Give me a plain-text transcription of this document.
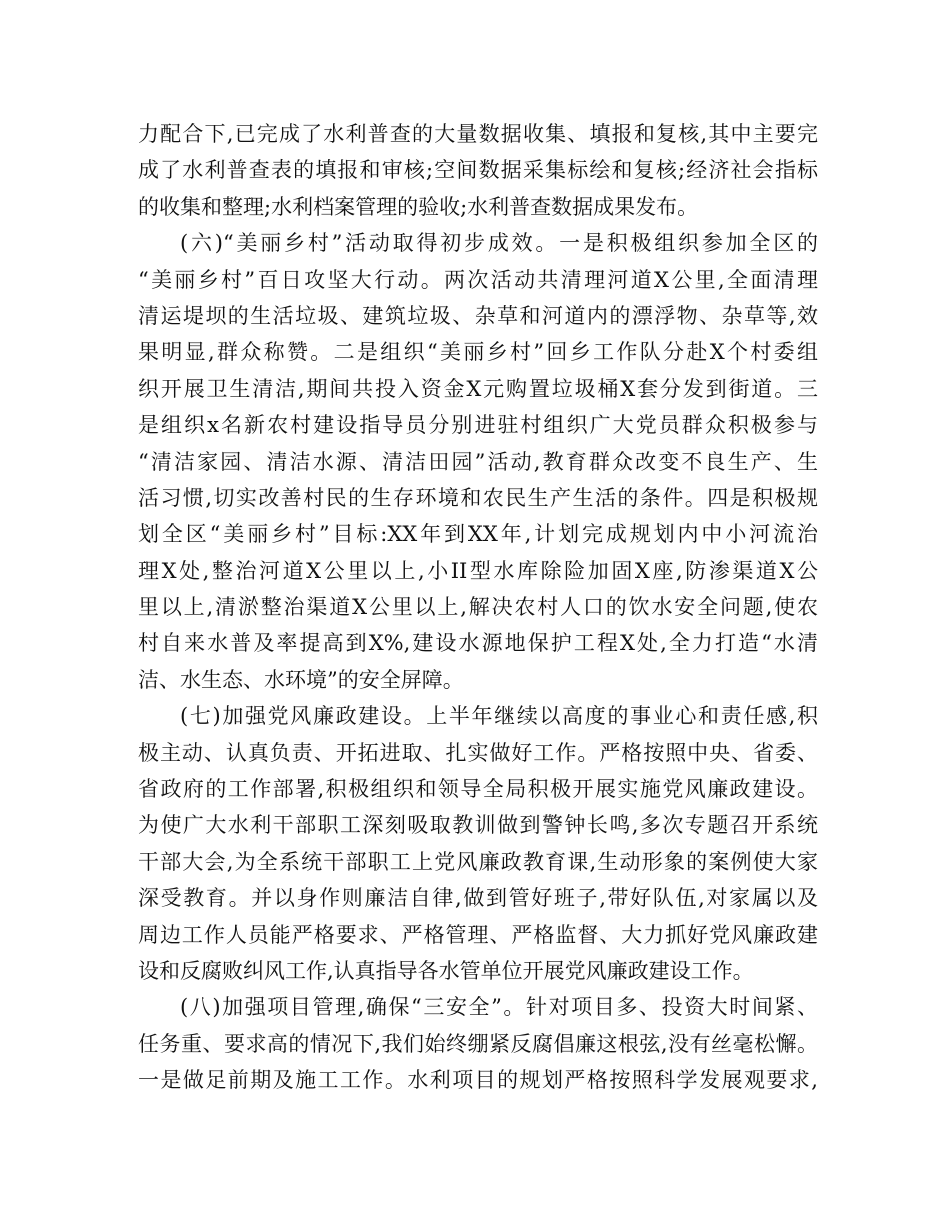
力配合下,已完成了水利普查的大量数据收集、填报和复核,其中主要完
成了水利普查表的填报和审核;空间数据采集标绘和复核;经济社会指标
的收集和整理;水利档案管理的验收;水利普查数据成果发布。
(六)“美丽乡村”活动取得初步成效。一是积极组织参加全区的
“美丽乡村”百日攻坚大行动。两次活动共清理河道X公里,全面清理
清运堤坝的生活垃圾、建筑垃圾、杂草和河道内的漂浮物、杂草等,效
果明显,群众称赞。二是组织“美丽乡村”回乡工作队分赴X个村委组
织开展卫生清洁,期间共投入资金X元购置垃圾桶X套分发到街道。三
是组织x名新农村建设指导员分别进驻村组织广大党员群众积极参与
“清洁家园、清洁水源、清洁田园”活动,教育群众改变不良生产、生
活习惯,切实改善村民的生存环境和农民生产生活的条件。四是积极规
划全区“美丽乡村”目标:XX年到XX年,计划完成规划内中小河流治
理X处,整治河道X公里以上,小II型水库除险加固X座,防渗渠道X公
里以上,清淤整治渠道X公里以上,解决农村人口的饮水安全问题,使农
村自来水普及率提高到X%,建设水源地保护工程X处,全力打造“水清
洁、水生态、水环境”的安全屏障。
(七)加强党风廉政建设。上半年继续以高度的事业心和责任感,积
极主动、认真负责、开拓进取、扎实做好工作。严格按照中央、省委、
省政府的工作部署,积极组织和领导全局积极开展实施党风廉政建设。
为使广大水利干部职工深刻吸取教训做到警钟长鸣,多次专题召开系统
干部大会,为全系统干部职工上党风廉政教育课,生动形象的案例使大家
深受教育。并以身作则廉洁自律,做到管好班子,带好队伍,对家属以及
周边工作人员能严格要求、严格管理、严格监督、大力抓好党风廉政建
设和反腐败纠风工作,认真指导各水管单位开展党风廉政建设工作。
(八)加强项目管理,确保“三安全”。针对项目多、投资大时间紧、
任务重、要求高的情况下,我们始终绷紧反腐倡廉这根弦,没有丝毫松懈。
一是做足前期及施工工作。水利项目的规划严格按照科学发展观要求,
